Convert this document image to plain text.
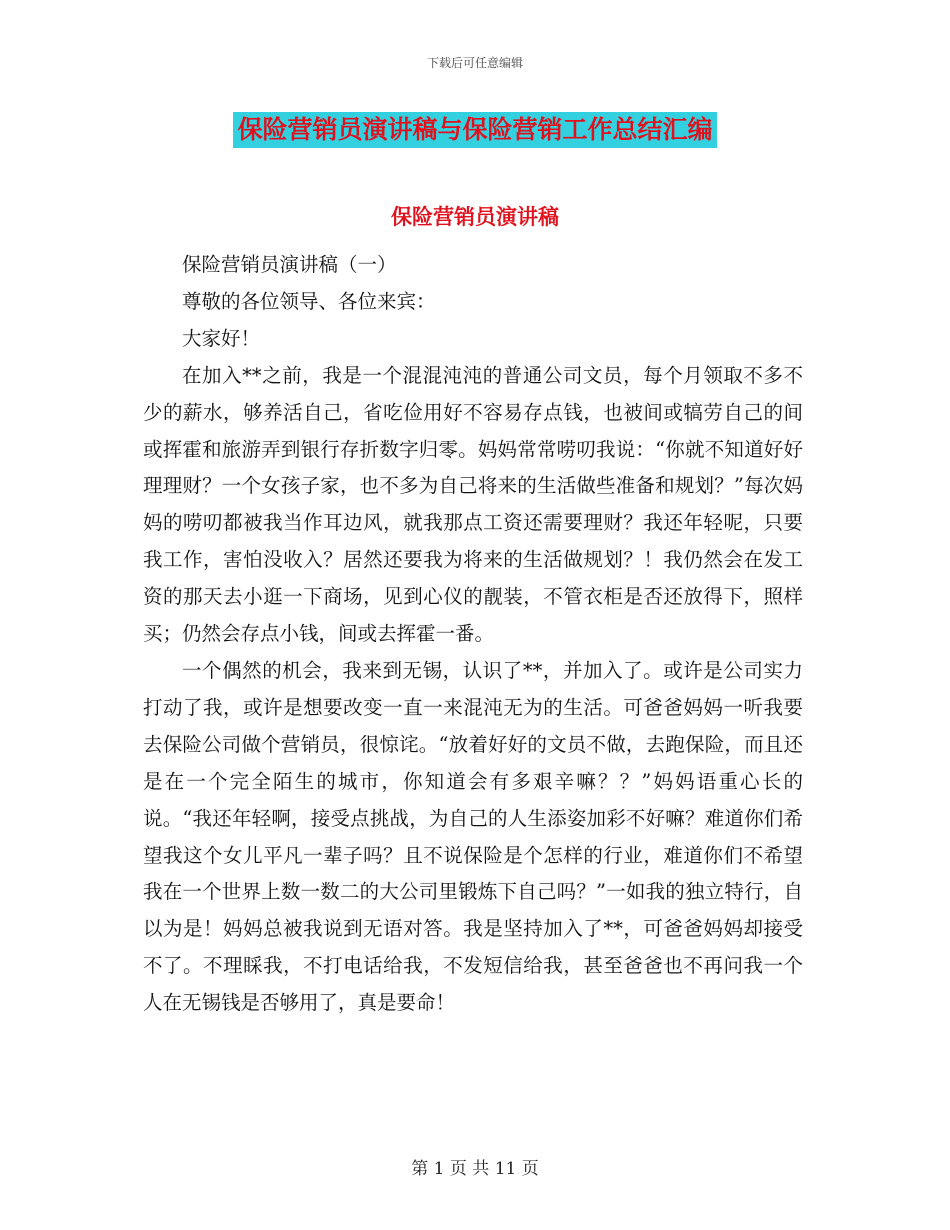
下载后可任意编辑
保险营销员演讲稿与保险营销工作总结汇编
保险营销员演讲稿

保险营销员演讲稿（一）

尊敬的各位领导、各位来宾：

大家好！

在加入**之前，我是一个混混沌沌的普通公司文员，每个月领取不多不少的薪水，够养活自己，省吃俭用好不容易存点钱，也被间或犒劳自己的间或挥霍和旅游弄到银行存折数字归零。妈妈常常唠叨我说：“你就不知道好好理理财？一个女孩子家，也不多为自己将来的生活做些准备和规划？”每次妈妈的唠叨都被我当作耳边风，就我那点工资还需要理财？我还年轻呢，只要我工作，害怕没收入？居然还要我为将来的生活做规划？！我仍然会在发工资的那天去小逛一下商场，见到心仪的靓装，不管衣柜是否还放得下，照样买；仍然会存点小钱，间或去挥霍一番。

一个偶然的机会，我来到无锡，认识了**，并加入了。或许是公司实力打动了我，或许是想要改变一直一来混沌无为的生活。可爸爸妈妈一听我要去保险公司做个营销员，很惊诧。“放着好好的文员不做，去跑保险，而且还是在一个完全陌生的城市，你知道会有多艰辛嘛？？”妈妈语重心长的说。“我还年轻啊，接受点挑战，为自己的人生添姿加彩不好嘛？难道你们希望我这个女儿平凡一辈子吗？且不说保险是个怎样的行业，难道你们不希望我在一个世界上数一数二的大公司里锻炼下自己吗？”一如我的独立特行，自以为是！妈妈总被我说到无语对答。我是坚持加入了**，可爸爸妈妈却接受不了。不理睬我，不打电话给我，不发短信给我，甚至爸爸也不再问我一个人在无锡钱是否够用了，真是要命！

第 1 页 共 11 页
